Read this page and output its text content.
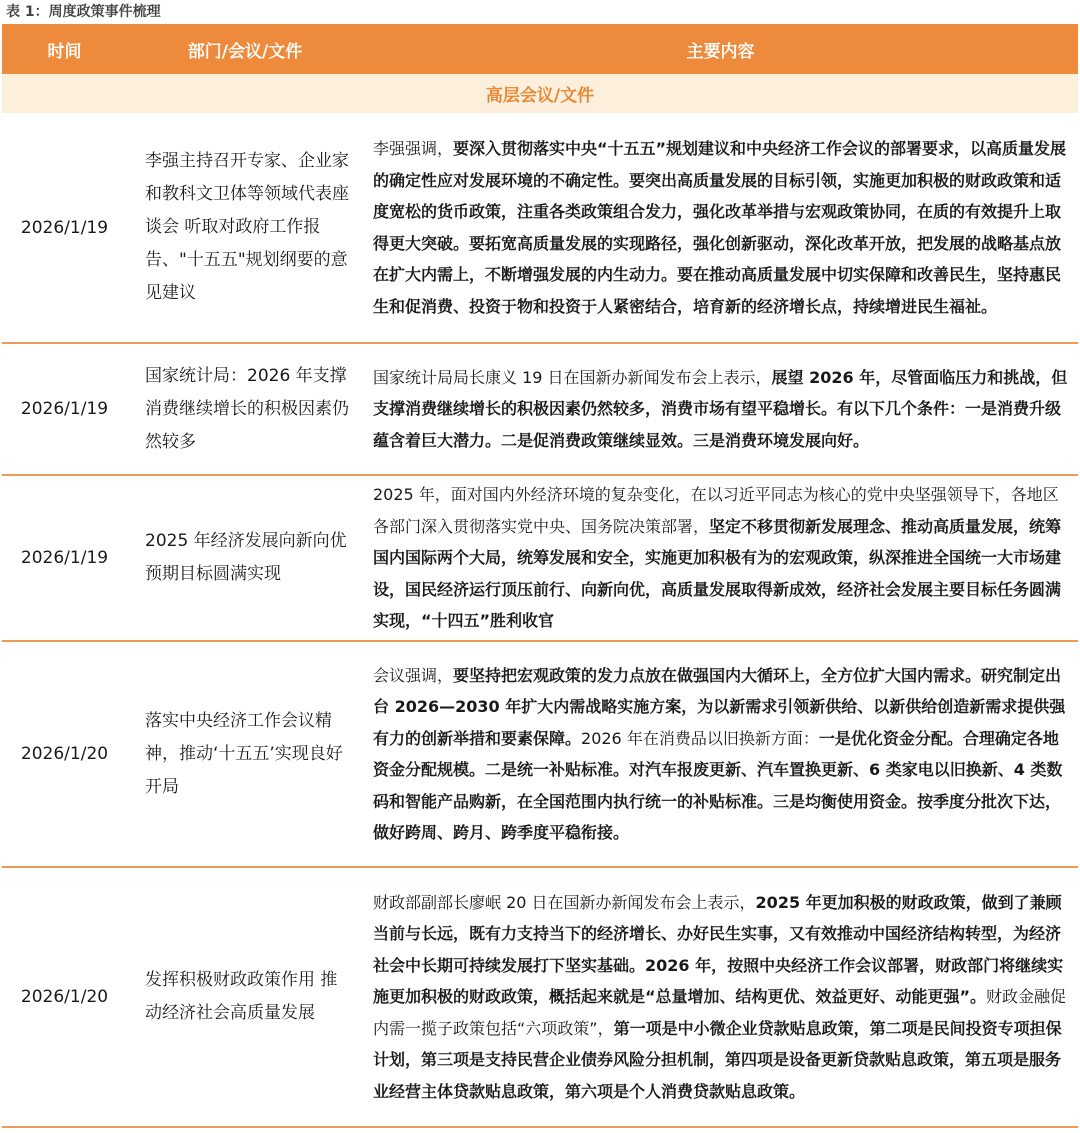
表 1：周度政策事件梳理
时间	部门/会议/文件	主要内容
高层会议/文件		
2026/1/19	李强主持召开专家、企业家和教科文卫体等领域代表座谈会 听取对政府工作报告、"十五五"规划纲要的意见建议	李强强调，要深入贯彻落实中央“十五五”规划建议和中央经济工作会议的部署要求，以高质量发展的确定性应对发展环境的不确定性。要突出高质量发展的目标引领，实施更加积极的财政政策和适度宽松的货币政策，注重各类政策组合发力，强化改革举措与宏观政策协同，在质的有效提升上取得更大突破。要拓宽高质量发展的实现路径，强化创新驱动，深化改革开放，把发展的战略基点放在扩大内需上，不断增强发展的内生动力。要在推动高质量发展中切实保障和改善民生，坚持惠民生和促消费、投资于物和投资于人紧密结合，培育新的经济增长点，持续增进民生福祉。
2026/1/19	国家统计局：2026 年支撑消费继续增长的积极因素仍然较多	国家统计局局长康义 19 日在国新办新闻发布会上表示，展望 2026 年，尽管面临压力和挑战，但支撑消费继续增长的积极因素仍然较多，消费市场有望平稳增长。有以下几个条件：一是消费升级蕴含着巨大潜力。二是促消费政策继续显效。三是消费环境发展向好。
2026/1/19	2025 年经济发展向新向优 预期目标圆满实现	2025 年，面对国内外经济环境的复杂变化，在以习近平同志为核心的党中央坚强领导下，各地区各部门深入贯彻落实党中央、国务院决策部署，坚定不移贯彻新发展理念、推动高质量发展，统筹国内国际两个大局，统筹发展和安全，实施更加积极有为的宏观政策，纵深推进全国统一大市场建设，国民经济运行顶压前行、向新向优，高质量发展取得新成效，经济社会发展主要目标任务圆满实现，“十四五”胜利收官
2026/1/20	落实中央经济工作会议精神，推动‘十五五’实现良好开局	会议强调，要坚持把宏观政策的发力点放在做强国内大循环上，全方位扩大国内需求。研究制定出台 2026—2030 年扩大内需战略实施方案，为以新需求引领新供给、以新供给创造新需求提供强有力的创新举措和要素保障。2026 年在消费品以旧换新方面：一是优化资金分配。合理确定各地资金分配规模。二是统一补贴标准。对汽车报废更新、汽车置换更新、6 类家电以旧换新、4 类数码和智能产品购新，在全国范围内执行统一的补贴标准。三是均衡使用资金。按季度分批次下达，做好跨周、跨月、跨季度平稳衔接。
2026/1/20	发挥积极财政政策作用 推动经济社会高质量发展	财政部副部长廖岷 20 日在国新办新闻发布会上表示，2025 年更加积极的财政政策，做到了兼顾当前与长远，既有力支持当下的经济增长、办好民生实事，又有效推动中国经济结构转型，为经济社会中长期可持续发展打下坚实基础。2026 年，按照中央经济工作会议部署，财政部门将继续实施更加积极的财政政策，概括起来就是“总量增加、结构更优、效益更好、动能更强”。财政金融促内需一揽子政策包括“六项政策”，第一项是中小微企业贷款贴息政策，第二项是民间投资专项担保计划，第三项是支持民营企业债券风险分担机制，第四项是设备更新贷款贴息政策，第五项是服务业经营主体贷款贴息政策，第六项是个人消费贷款贴息政策。
